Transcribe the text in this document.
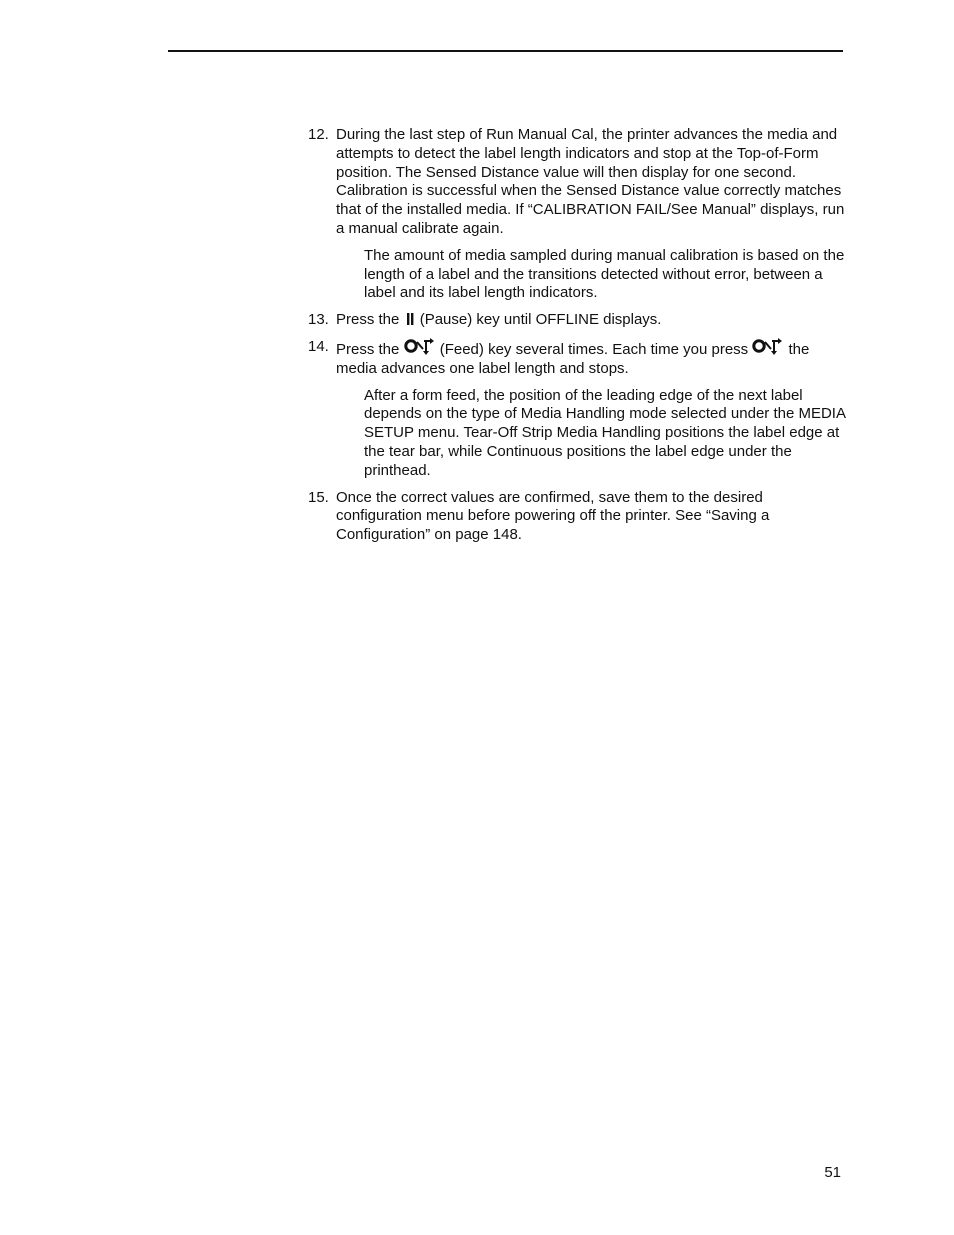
12. During the last step of Run Manual Cal, the printer advances the media and attempts to detect the label length indicators and stop at the Top-of-Form position. The Sensed Distance value will then display for one second. Calibration is successful when the Sensed Distance value correctly matches that of the installed media. If “CALIBRATION FAIL/See Manual” displays, run a manual calibrate again.
The amount of media sampled during manual calibration is based on the length of a label and the transitions detected without error, between a label and its label length indicators.
13. Press the (Pause) key until OFFLINE displays.
14. Press the	(Feed) key several times. Each time you press	the media advances one label length and stops.
After a form feed, the position of the leading edge of the next label depends on the type of Media Handling mode selected under the MEDIA SETUP menu. Tear-Off Strip Media Handling positions the label edge at the tear bar, while Continuous positions the label edge under the printhead.
15. Once the correct values are confirmed, save them to the desired configuration menu before powering off the printer. See “Saving a Configuration” on page 148.
51
